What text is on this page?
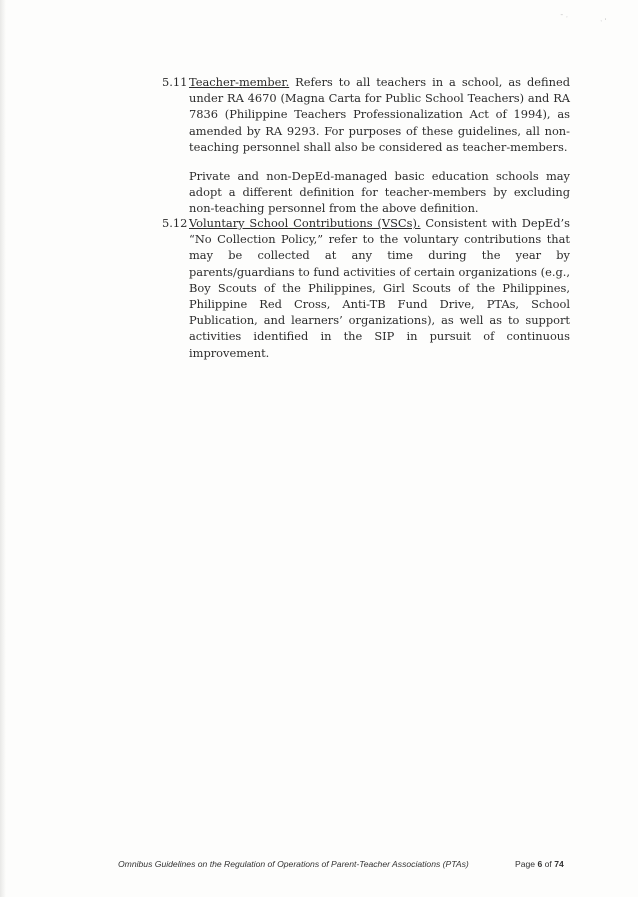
ˉ ˑ	ˑ ˈ
5.11 Teacher-member. Refers to all teachers in a school, as defined under RA 4670 (Magna Carta for Public School Teachers) and RA 7836 (Philippine Teachers Professionalization Act of 1994), as amended by RA 9293. For purposes of these guidelines, all non-teaching personnel shall also be considered as teacher-members.
Private and non-DepEd-managed basic education schools may adopt a different definition for teacher-members by excluding non-teaching personnel from the above definition.
5.12 Voluntary School Contributions (VSCs). Consistent with DepEd’s “No Collection Policy,” refer to the voluntary contributions that may be collected at any time during the year by parents/guardians to fund activities of certain organizations (e.g., Boy Scouts of the Philippines, Girl Scouts of the Philippines, Philippine Red Cross, Anti-TB Fund Drive, PTAs, School Publication, and learners’ organizations), as well as to support activities identified in the SIP in pursuit of continuous improvement.
Omnibus Guidelines on the Regulation of Operations of Parent-Teacher Associations (PTAs)	Page 6 of 74
